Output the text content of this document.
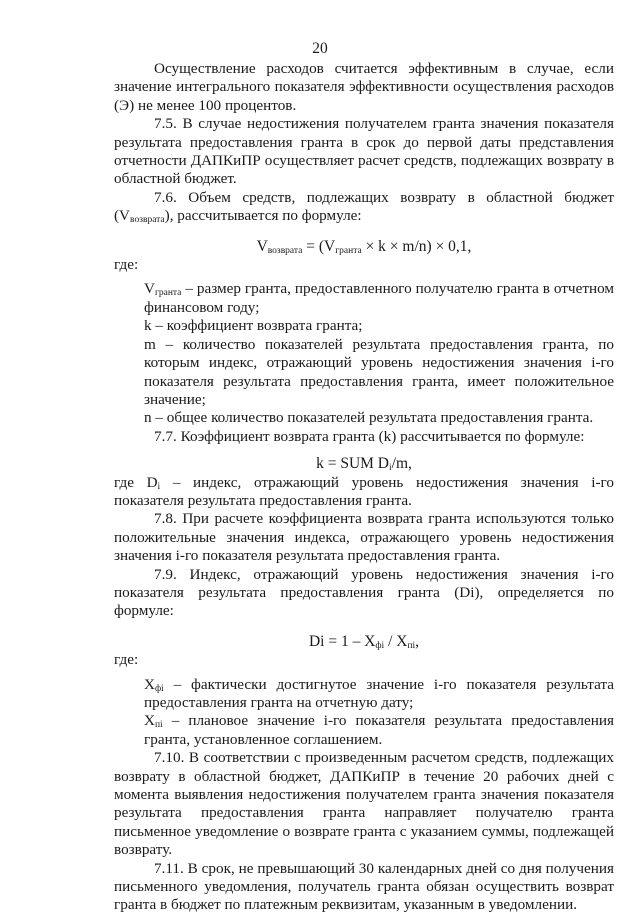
20

Осуществление расходов считается эффективным в случае, если значение интегрального показателя эффективности осуществления расходов (Э) не менее 100 процентов.

7.5. В случае недостижения получателем гранта значения показателя результата предоставления гранта в срок до первой даты представления отчетности ДАПКиПР осуществляет расчет средств, подлежащих возврату в областной бюджет.

7.6. Объем средств, подлежащих возврату в областной бюджет $(V_{возврата})$, рассчитывается по формуле:

$V_{возврата} = (V_{гранта} \times k \times m/n) \times 0,1$,

где:

$V_{гранта}$ – размер гранта, предоставленного получателю гранта в отчетном финансовом году;

k – коэффициент возврата гранта;

m – количество показателей результата предоставления гранта, по которым индекс, отражающий уровень недостижения значения i-го показателя результата предоставления гранта, имеет положительное значение;

n – общее количество показателей результата предоставления гранта.

7.7. Коэффициент возврата гранта (k) рассчитывается по формуле:

k = SUM $D_i/m$,

где $D_i$ – индекс, отражающий уровень недостижения значения i-го показателя результата предоставления гранта.

7.8. При расчете коэффициента возврата гранта используются только положительные значения индекса, отражающего уровень недостижения значения i-го показателя результата предоставления гранта.

7.9. Индекс, отражающий уровень недостижения значения i-го показателя результата предоставления гранта (Di), определяется по формуле:

$Di = 1 - X_{фi} / X_{пi}$,

где:

$X_{фi}$ – фактически достигнутое значение i-го показателя результата предоставления гранта на отчетную дату;

$X_{пi}$ – плановое значение i-го показателя результата предоставления гранта, установленное соглашением.

7.10. В соответствии с произведенным расчетом средств, подлежащих возврату в областной бюджет, ДАПКиПР в течение 20 рабочих дней с момента выявления недостижения получателем гранта значения показателя результата предоставления гранта направляет получателю гранта письменное уведомление о возврате гранта с указанием суммы, подлежащей возврату.

7.11. В срок, не превышающий 30 календарных дней со дня получения письменного уведомления, получатель гранта обязан осуществить возврат гранта в бюджет по платежным реквизитам, указанным в уведомлении.
